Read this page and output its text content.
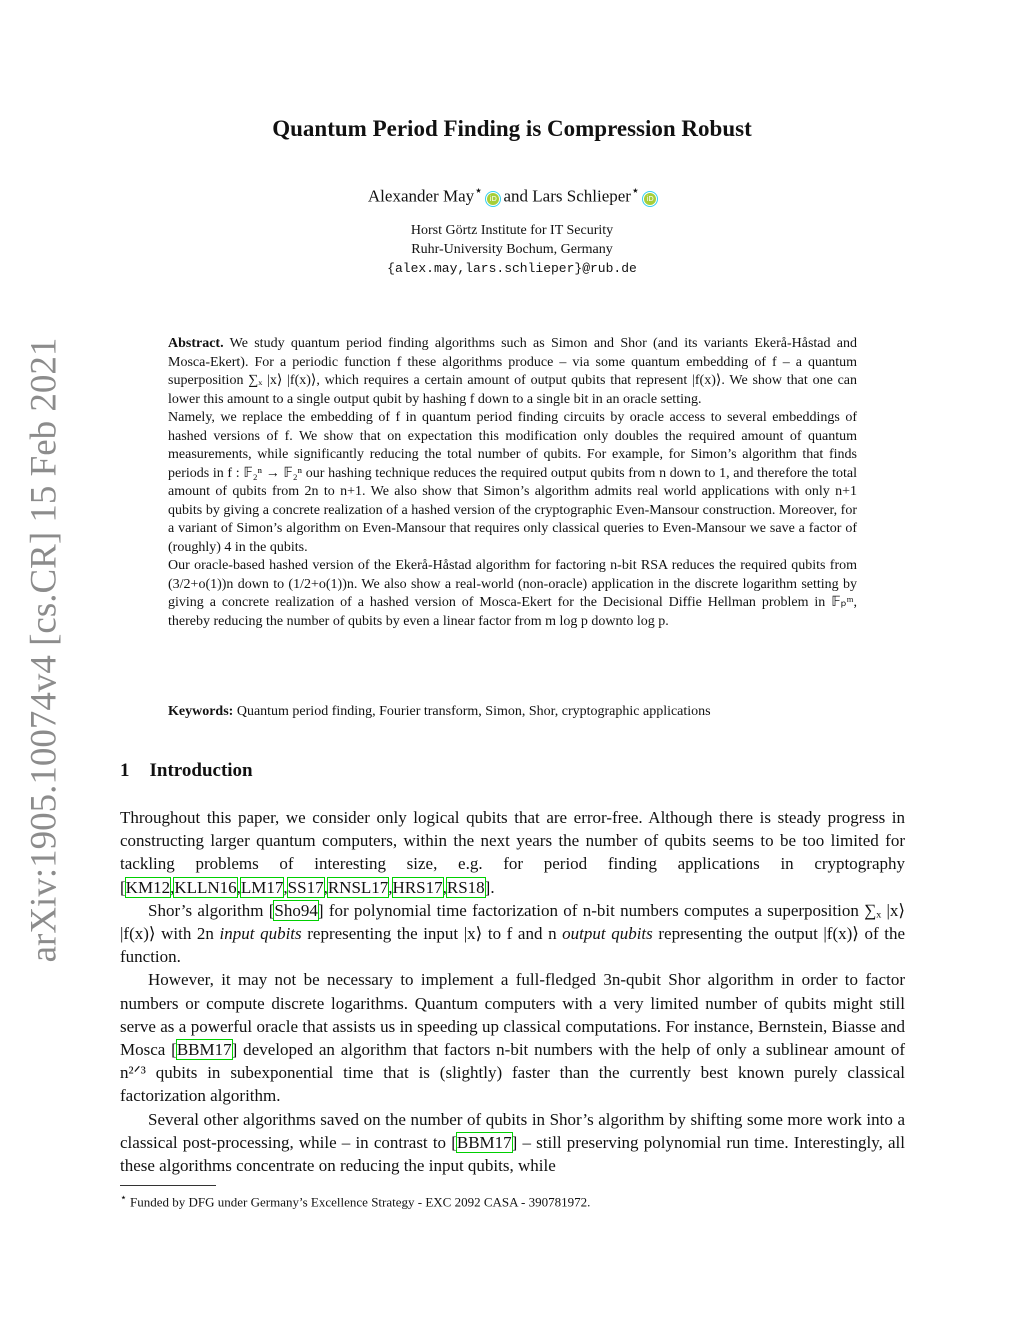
arXiv:1905.10074v4 [cs.CR] 15 Feb 2021
Quantum Period Finding is Compression Robust
Alexander May⋆ iD and Lars Schlieper⋆ iD
Horst Görtz Institute for IT Security
Ruhr-University Bochum, Germany
{alex.may,lars.schlieper}@rub.de

Abstract. We study quantum period finding algorithms such as Simon and Shor (and its variants Ekerå-Håstad and Mosca-Ekert). For a periodic function f these algorithms produce – via some quantum embedding of f – a quantum superposition ∑ₓ |x⟩ |f(x)⟩, which requires a certain amount of output qubits that represent |f(x)⟩. We show that one can lower this amount to a single output qubit by hashing f down to a single bit in an oracle setting.

Namely, we replace the embedding of f in quantum period finding circuits by oracle access to several embeddings of hashed versions of f. We show that on expectation this modification only doubles the required amount of quantum measurements, while significantly reducing the total number of qubits. For example, for Simon’s algorithm that finds periods in f : 𝔽₂ⁿ → 𝔽₂ⁿ our hashing technique reduces the required output qubits from n down to 1, and therefore the total amount of qubits from 2n to n+1. We also show that Simon’s algorithm admits real world applications with only n+1 qubits by giving a concrete realization of a hashed version of the cryptographic Even-Mansour construction. Moreover, for a variant of Simon’s algorithm on Even-Mansour that requires only classical queries to Even-Mansour we save a factor of (roughly) 4 in the qubits.

Our oracle-based hashed version of the Ekerå-Håstad algorithm for factoring n-bit RSA reduces the required qubits from (3/2+o(1))n down to (1/2+o(1))n. We also show a real-world (non-oracle) application in the discrete logarithm setting by giving a concrete realization of a hashed version of Mosca-Ekert for the Decisional Diffie Hellman problem in 𝔽ₚᵐ, thereby reducing the number of qubits by even a linear factor from m log p downto log p.

Keywords: Quantum period finding, Fourier transform, Simon, Shor, cryptographic applications
1 Introduction

Throughout this paper, we consider only logical qubits that are error-free. Although there is steady progress in constructing larger quantum computers, within the next years the number of qubits seems to be too limited for tackling problems of interesting size, e.g. for period finding applications in cryptography [KM12,KLLN16,LM17,SS17,RNSL17,HRS17,RS18].

Shor’s algorithm [Sho94] for polynomial time factorization of n-bit numbers computes a superposition ∑ₓ |x⟩ |f(x)⟩ with 2n input qubits representing the input |x⟩ to f and n output qubits representing the output |f(x)⟩ of the function.

However, it may not be necessary to implement a full-fledged 3n-qubit Shor algorithm in order to factor numbers or compute discrete logarithms. Quantum computers with a very limited number of qubits might still serve as a powerful oracle that assists us in speeding up classical computations. For instance, Bernstein, Biasse and Mosca [BBM17] developed an algorithm that factors n-bit numbers with the help of only a sublinear amount of n²ᐟ³ qubits in subexponential time that is (slightly) faster than the currently best known purely classical factorization algorithm.

Several other algorithms saved on the number of qubits in Shor’s algorithm by shifting some more work into a classical post-processing, while – in contrast to [BBM17] – still preserving polynomial run time. Interestingly, all these algorithms concentrate on reducing the input qubits, while

⋆ Funded by DFG under Germany’s Excellence Strategy - EXC 2092 CASA - 390781972.
